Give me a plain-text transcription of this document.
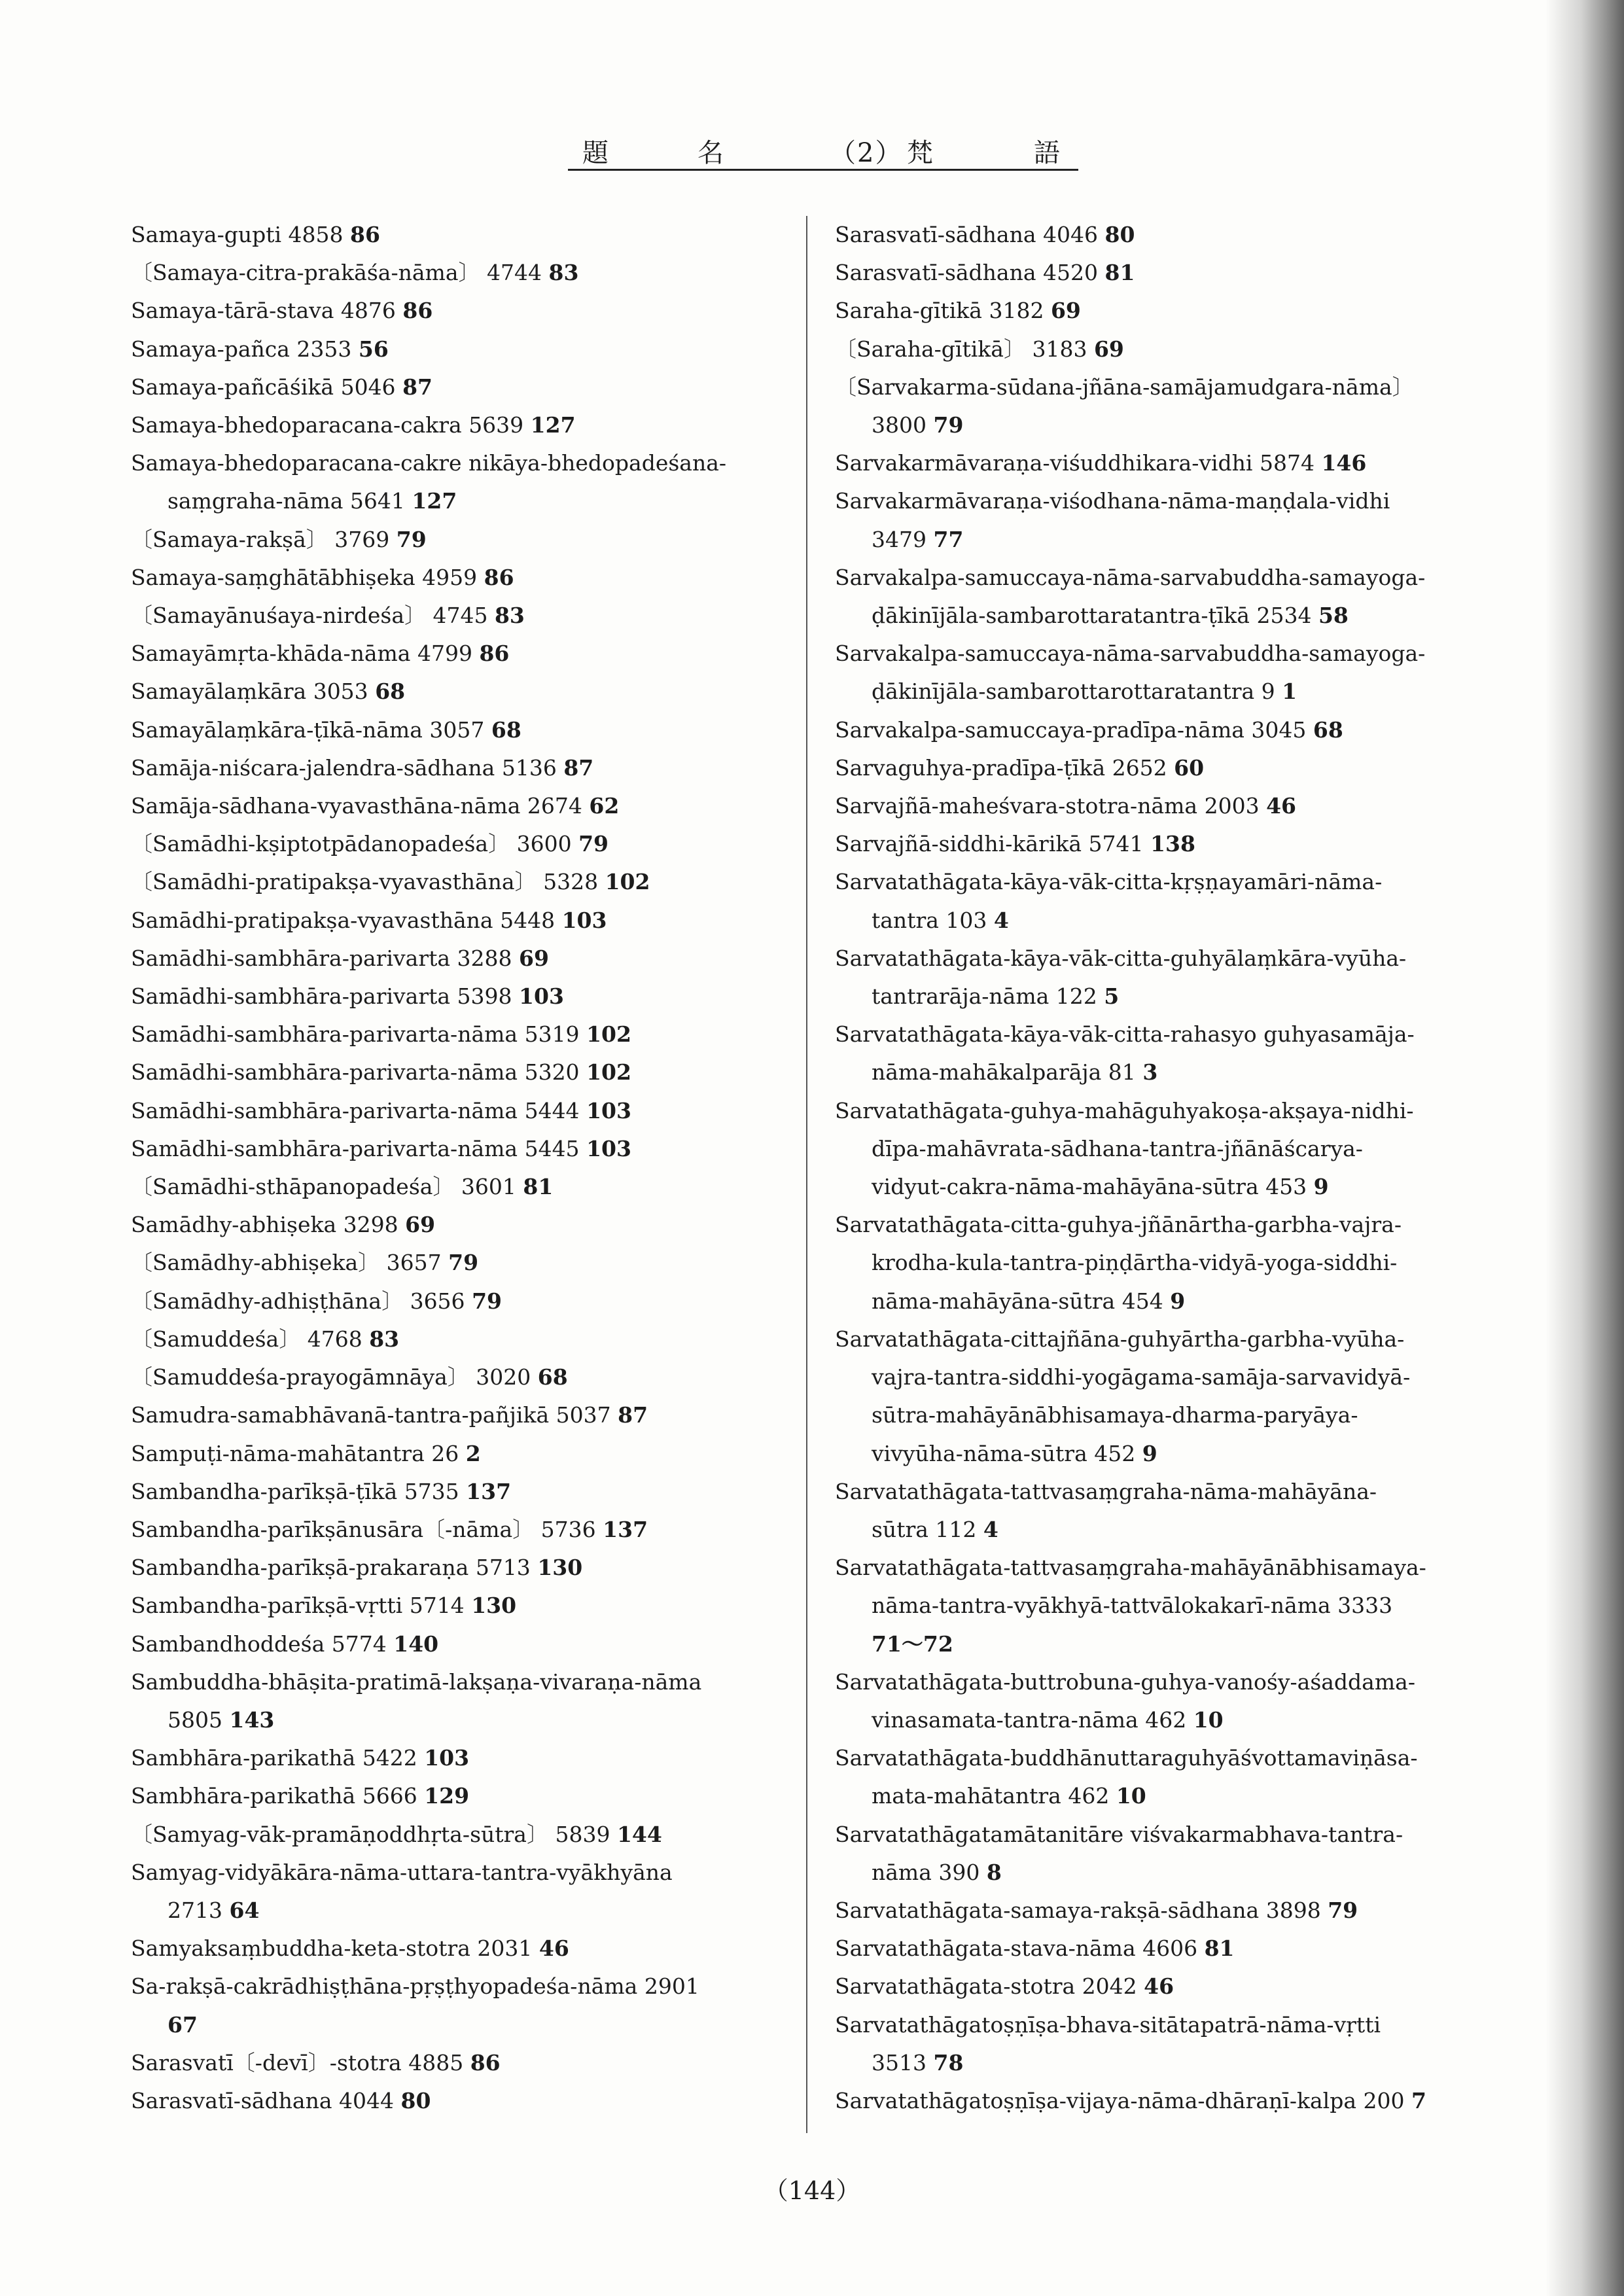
題	名	（2） 梵	語
Samaya-gupti 4858 86
〔Samaya-citra-prakāśa-nāma〕 4744 83
Samaya-tārā-stava 4876 86
Samaya-pañca 2353 56
Samaya-pañcāśikā 5046 87
Samaya-bhedoparacana-cakra 5639 127
Samaya-bhedoparacana-cakre nikāya-bhedopadeśana-
saṃgraha-nāma 5641 127
〔Samaya-rakṣā〕 3769 79
Samaya-saṃghātābhiṣeka 4959 86
〔Samayānuśaya-nirdeśa〕 4745 83
Samayāmṛta-khāda-nāma 4799 86
Samayālaṃkāra 3053 68
Samayālaṃkāra-ṭīkā-nāma 3057 68
Samāja-niścara-jalendra-sādhana 5136 87
Samāja-sādhana-vyavasthāna-nāma 2674 62
〔Samādhi-kṣiptotpādanopadeśa〕 3600 79
〔Samādhi-pratipakṣa-vyavasthāna〕 5328 102
Samādhi-pratipakṣa-vyavasthāna 5448 103
Samādhi-sambhāra-parivarta 3288 69
Samādhi-sambhāra-parivarta 5398 103
Samādhi-sambhāra-parivarta-nāma 5319 102
Samādhi-sambhāra-parivarta-nāma 5320 102
Samādhi-sambhāra-parivarta-nāma 5444 103
Samādhi-sambhāra-parivarta-nāma 5445 103
〔Samādhi-sthāpanopadeśa〕 3601 81
Samādhy-abhiṣeka 3298 69
〔Samādhy-abhiṣeka〕 3657 79
〔Samādhy-adhiṣṭhāna〕 3656 79
〔Samuddeśa〕 4768 83
〔Samuddeśa-prayogāmnāya〕 3020 68
Samudra-samabhāvanā-tantra-pañjikā 5037 87
Sampuṭi-nāma-mahātantra 26 2
Sambandha-parīkṣā-ṭīkā 5735 137
Sambandha-parīkṣānusāra〔-nāma〕 5736 137
Sambandha-parīkṣā-prakaraṇa 5713 130
Sambandha-parīkṣā-vṛtti 5714 130
Sambandhoddeśa 5774 140
Sambuddha-bhāṣita-pratimā-lakṣaṇa-vivaraṇa-nāma
5805 143
Sambhāra-parikathā 5422 103
Sambhāra-parikathā 5666 129
〔Samyag-vāk-pramāṇoddhṛta-sūtra〕 5839 144
Samyag-vidyākāra-nāma-uttara-tantra-vyākhyāna
2713 64
Samyaksaṃbuddha-keta-stotra 2031 46
Sa-rakṣā-cakrādhiṣṭhāna-pṛṣṭhyopadeśa-nāma 2901
67
Sarasvatī〔-devī〕-stotra 4885 86
Sarasvatī-sādhana 4044 80
Sarasvatī-sādhana 4046 80
Sarasvatī-sādhana 4520 81
Saraha-gītikā 3182 69
〔Saraha-gītikā〕 3183 69
〔Sarvakarma-sūdana-jñāna-samājamudgara-nāma〕
3800 79
Sarvakarmāvaraṇa-viśuddhikara-vidhi 5874 146
Sarvakarmāvaraṇa-viśodhana-nāma-maṇḍala-vidhi
3479 77
Sarvakalpa-samuccaya-nāma-sarvabuddha-samayoga-
ḍākinījāla-sambarottaratantra-ṭīkā 2534 58
Sarvakalpa-samuccaya-nāma-sarvabuddha-samayoga-
ḍākinījāla-sambarottarottaratantra 9 1
Sarvakalpa-samuccaya-pradīpa-nāma 3045 68
Sarvaguhya-pradīpa-ṭīkā 2652 60
Sarvajñā-maheśvara-stotra-nāma 2003 46
Sarvajñā-siddhi-kārikā 5741 138
Sarvatathāgata-kāya-vāk-citta-kṛṣṇayamāri-nāma-
tantra 103 4
Sarvatathāgata-kāya-vāk-citta-guhyālaṃkāra-vyūha-
tantrarāja-nāma 122 5
Sarvatathāgata-kāya-vāk-citta-rahasyo guhyasamāja-
nāma-mahākalparāja 81 3
Sarvatathāgata-guhya-mahāguhyakoṣa-akṣaya-nidhi-
dīpa-mahāvrata-sādhana-tantra-jñānāścarya-
vidyut-cakra-nāma-mahāyāna-sūtra 453 9
Sarvatathāgata-citta-guhya-jñānārtha-garbha-vajra-
krodha-kula-tantra-piṇḍārtha-vidyā-yoga-siddhi-
nāma-mahāyāna-sūtra 454 9
Sarvatathāgata-cittajñāna-guhyārtha-garbha-vyūha-
vajra-tantra-siddhi-yogāgama-samāja-sarvavidyā-
sūtra-mahāyānābhisamaya-dharma-paryāya-
vivyūha-nāma-sūtra 452 9
Sarvatathāgata-tattvasaṃgraha-nāma-mahāyāna-
sūtra 112 4
Sarvatathāgata-tattvasaṃgraha-mahāyānābhisamaya-
nāma-tantra-vyākhyā-tattvālokakarī-nāma 3333
71～72
Sarvatathāgata-buttrobuna-guhya-vanośy-aśaddama-
vinasamata-tantra-nāma 462 10
Sarvatathāgata-buddhānuttaraguhyāśvottamaviṇāsa-
mata-mahātantra 462 10
Sarvatathāgatamātanitāre viśvakarmabhava-tantra-
nāma 390 8
Sarvatathāgata-samaya-rakṣā-sādhana 3898 79
Sarvatathāgata-stava-nāma 4606 81
Sarvatathāgata-stotra 2042 46
Sarvatathāgatoṣṇīṣa-bhava-sitātapatrā-nāma-vṛtti
3513 78
Sarvatathāgatoṣṇīṣa-vijaya-nāma-dhāraṇī-kalpa 200 7
（144）
